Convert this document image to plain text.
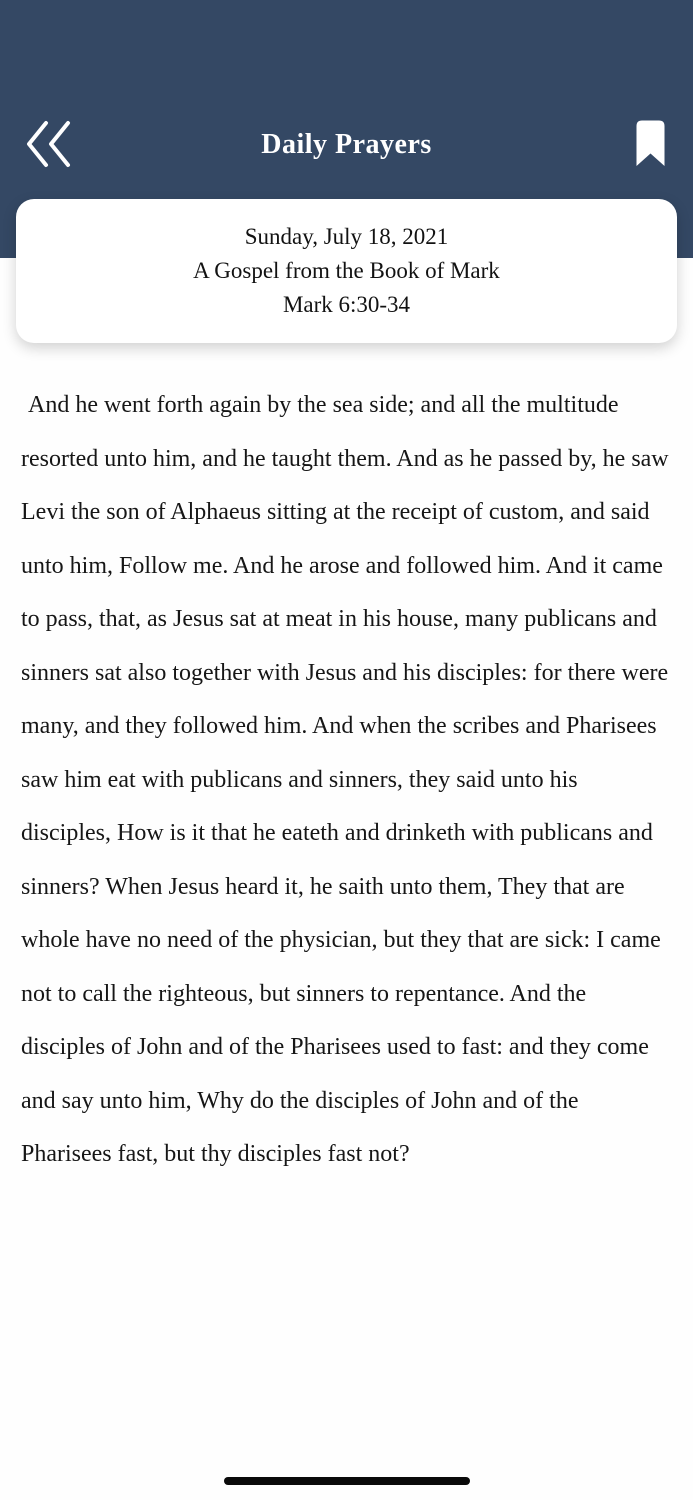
Daily Prayers
Sunday, July 18, 2021
A Gospel from the Book of Mark
Mark 6:30-34

And he went forth again by the sea side; and all the multitude resorted unto him, and he taught them. And as he passed by, he saw Levi the son of Alphaeus sitting at the receipt of custom, and said unto him, Follow me. And he arose and followed him. And it came to pass, that, as Jesus sat at meat in his house, many publicans and sinners sat also together with Jesus and his disciples: for there were many, and they followed him. And when the scribes and Pharisees saw him eat with publicans and sinners, they said unto his disciples, How is it that he eateth and drinketh with publicans and sinners? When Jesus heard it, he saith unto them, They that are whole have no need of the physician, but they that are sick: I came not to call the righteous, but sinners to repentance. And the disciples of John and of the Pharisees used to fast: and they come and say unto him, Why do the disciples of John and of the Pharisees fast, but thy disciples fast not?
